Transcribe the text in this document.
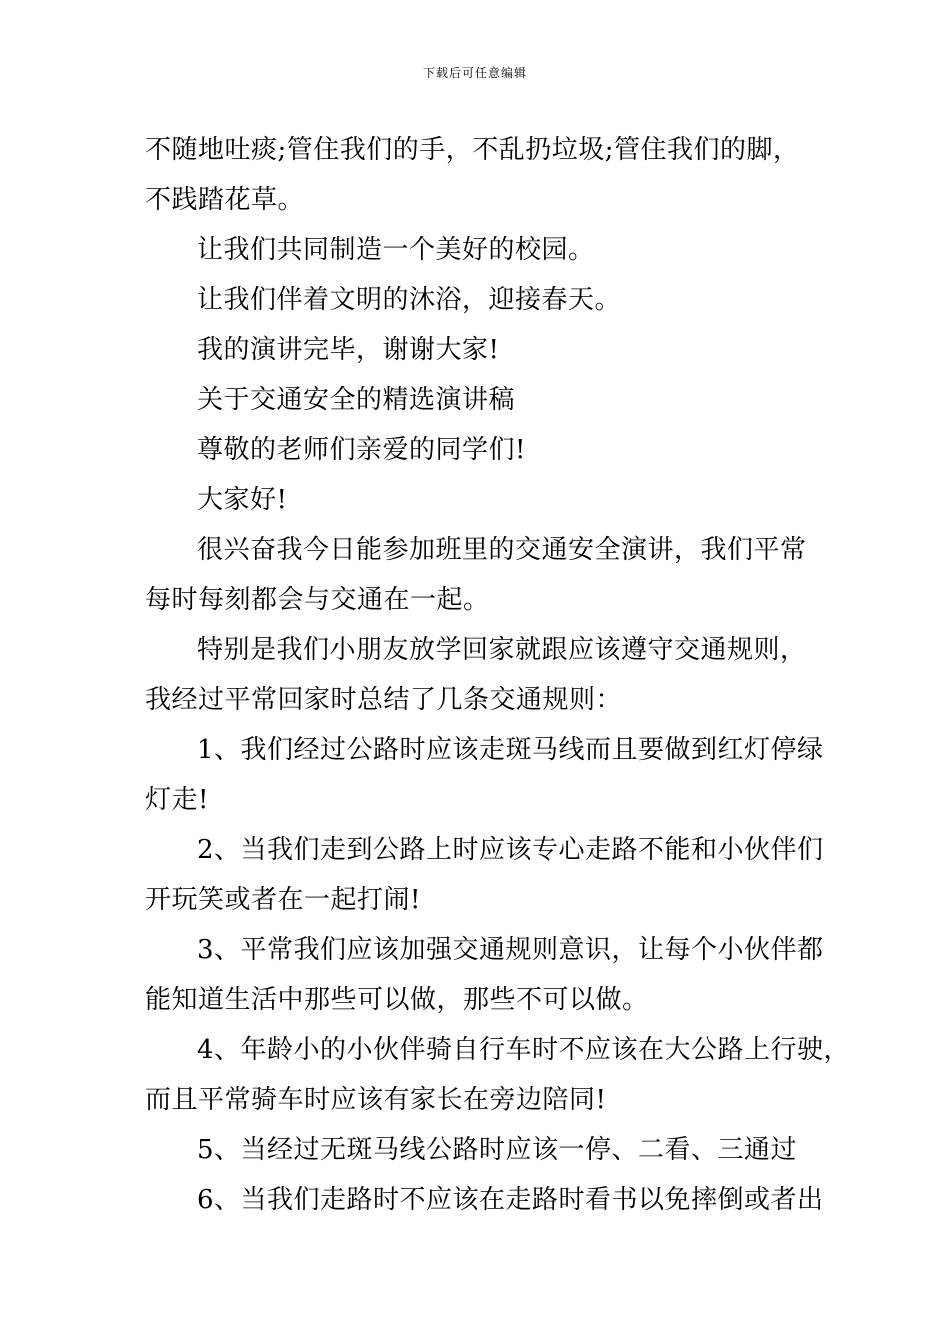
下载后可任意编辑
不随地吐痰;管住我们的手，不乱扔垃圾;管住我们的脚，
不践踏花草。
让我们共同制造一个美好的校园。
让我们伴着文明的沐浴，迎接春天。
我的演讲完毕，谢谢大家!
关于交通安全的精选演讲稿
尊敬的老师们亲爱的同学们!
大家好!
很兴奋我今日能参加班里的交通安全演讲，我们平常
每时每刻都会与交通在一起。
特别是我们小朋友放学回家就跟应该遵守交通规则，
我经过平常回家时总结了几条交通规则：
1、我们经过公路时应该走斑马线而且要做到红灯停绿
灯走!
2、当我们走到公路上时应该专心走路不能和小伙伴们
开玩笑或者在一起打闹!
3、平常我们应该加强交通规则意识，让每个小伙伴都
能知道生活中那些可以做，那些不可以做。
4、年龄小的小伙伴骑自行车时不应该在大公路上行驶，
而且平常骑车时应该有家长在旁边陪同!
5、当经过无斑马线公路时应该一停、二看、三通过
6、当我们走路时不应该在走路时看书以免摔倒或者出
